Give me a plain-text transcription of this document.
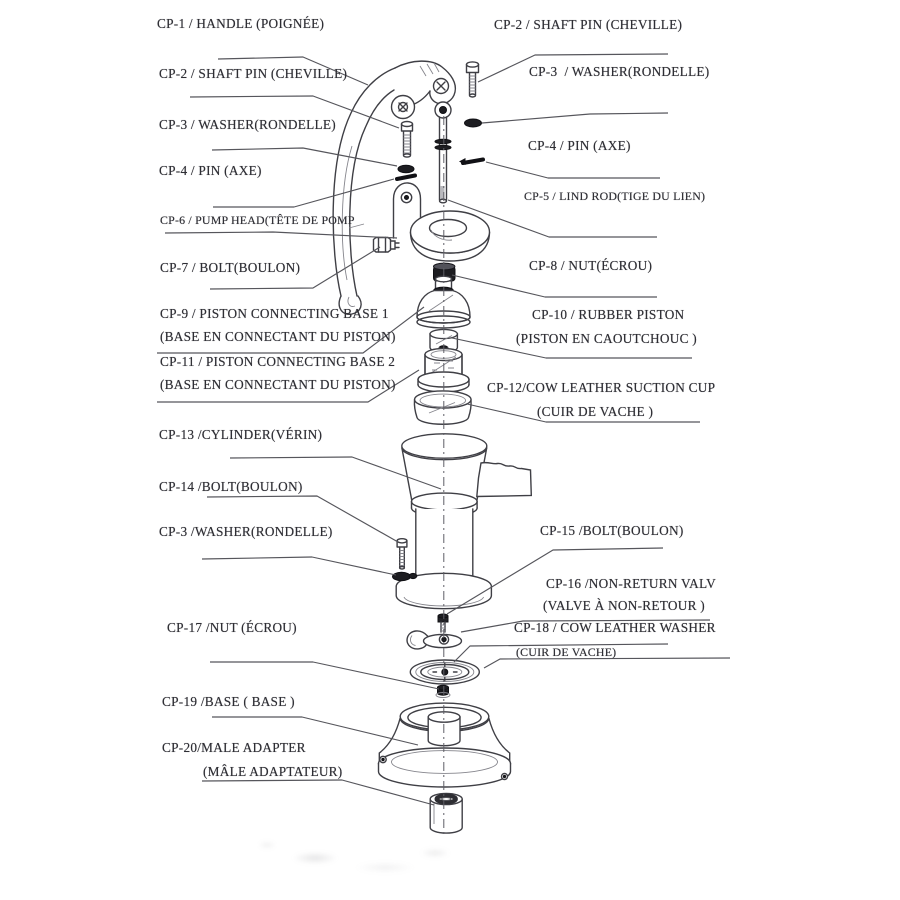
CP-1 / HANDLE (POIGNÉE)
CP-2 / SHAFT PIN (CHEVILLE)
CP-3 / WASHER(RONDELLE)
CP-4 / PIN (AXE)
CP-6 / PUMP HEAD(TÊTE DE POMP
CP-7 / BOLT(BOULON)
CP-9 / PISTON CONNECTING BASE 1
(BASE EN CONNECTANT DU PISTON)
CP-11 / PISTON CONNECTING BASE 2
(BASE EN CONNECTANT DU PISTON)
CP-13 /CYLINDER(VÉRIN)
CP-14 /BOLT(BOULON)
CP-3 /WASHER(RONDELLE)
CP-17 /NUT (ÉCROU)
CP-19 /BASE ( BASE )
CP-20/MALE ADAPTER
(MÂLE ADAPTATEUR)
CP-2 / SHAFT PIN (CHEVILLE)
CP-3  / WASHER(RONDELLE)
CP-4 / PIN (AXE)
CP-5 / LIND ROD(TIGE DU LIEN)
CP-8 / NUT(ÉCROU)
CP-10 / RUBBER PISTON
(PISTON EN CAOUTCHOUC )
CP-12/COW LEATHER SUCTION CUP
(CUIR DE VACHE )
CP-15 /BOLT(BOULON)
CP-16 /NON-RETURN VALV
(VALVE À NON-RETOUR )
CP-18 / COW LEATHER WASHER
(CUIR DE VACHE)
